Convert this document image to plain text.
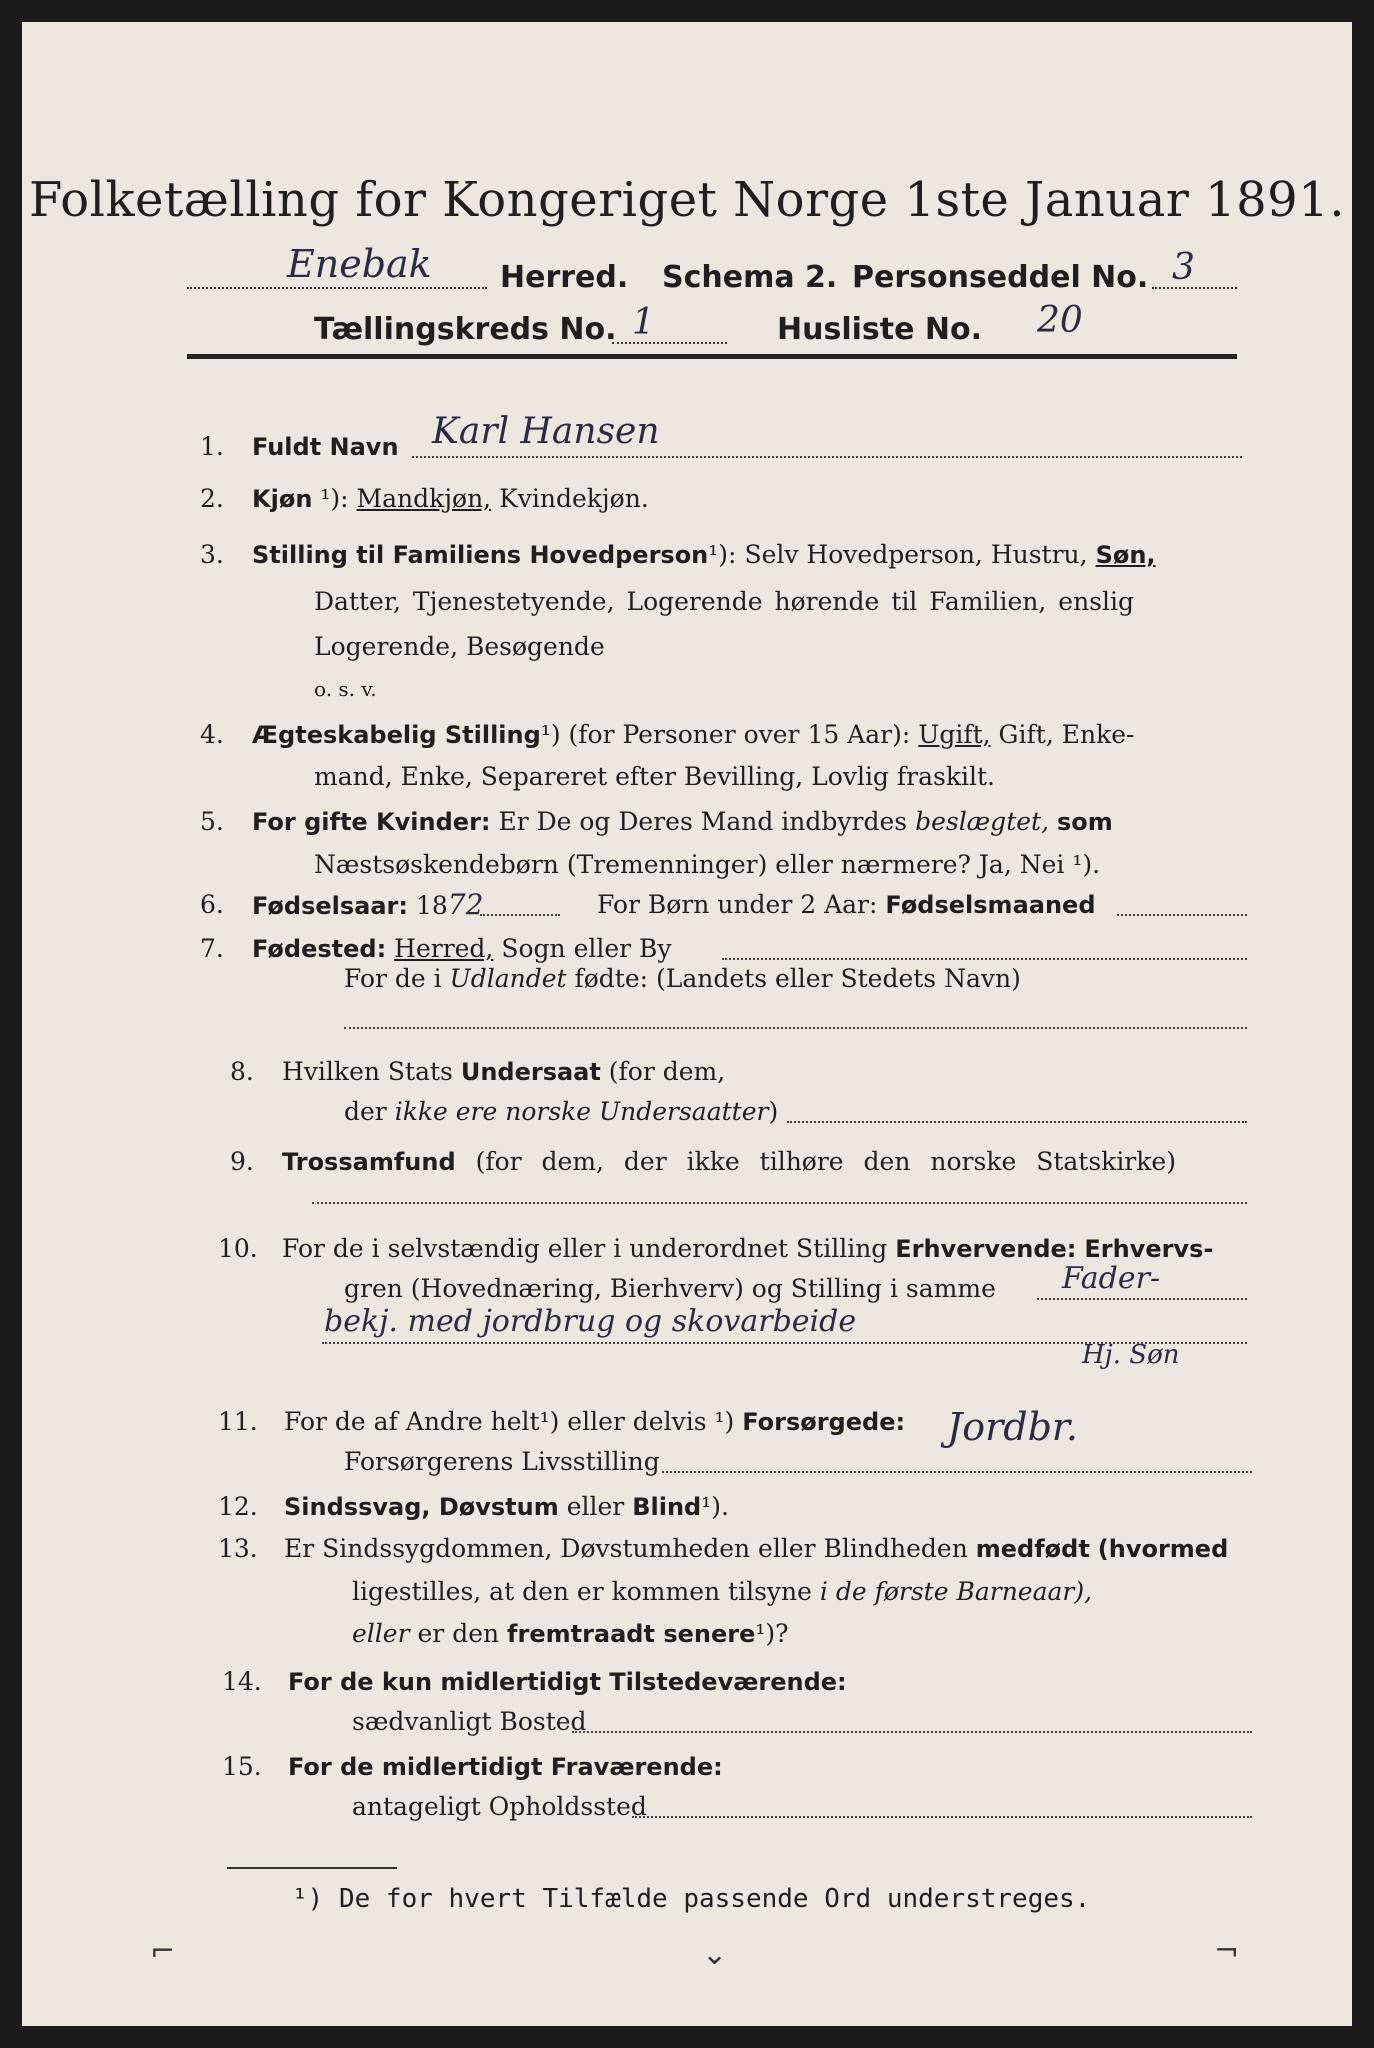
Folketælling for Kongeriget Norge 1ste Januar 1891.
Enebak Herred. Schema 2. Personseddel No. 3
Tællingskreds No. 1	Husliste No. 20
1. Fuldt Navn Karl Hansen
2. Kjøn ¹): Mandkjøn, Kvindekjøn.
3. Stilling til Familiens Hovedperson¹): Selv Hovedperson, Hustru, Søn,
Datter, Tjenestetyende, Logerende hørende til Familien, enslig
Logerende, Besøgende
o. s. v.
4. Ægteskabelig Stilling¹) (for Personer over 15 Aar): Ugift, Gift, Enke-
mand, Enke, Separeret efter Bevilling, Lovlig fraskilt.
5. For gifte Kvinder: Er De og Deres Mand indbyrdes beslægtet, som
Næstsøskendebørn (Tremenninger) eller nærmere? Ja, Nei ¹).
6. Fødselsaar: 1872	For Børn under 2 Aar: Fødselsmaaned
7. Fødested: Herred, Sogn eller By
For de i Udlandet fødte: (Landets eller Stedets Navn)
8. Hvilken Stats Undersaat (for dem,
der ikke ere norske Undersaatter)
9. Trossamfund (for dem, der ikke tilhøre den norske Statskirke)
10. For de i selvstændig eller i underordnet Stilling Erhvervende: Erhvervs-
gren (Hovednæring, Bierhverv) og Stilling i samme Fader-
bekj. med jordbrug og skovarbeide
Hj. Søn
11. For de af Andre helt¹) eller delvis ¹) Forsørgede:
Forsørgerens Livsstilling
Jordbr.
12. Sindssvag, Døvstum eller Blind¹).
13. Er Sindssygdommen, Døvstumheden eller Blindheden medfødt (hvormed
ligestilles, at den er kommen tilsyne i de første Barneaar),
eller er den fremtraadt senere¹)?
14. For de kun midlertidigt Tilstedeværende:
sædvanligt Bosted
15. For de midlertidigt Fraværende:
antageligt Opholdssted
¹) De for hvert Tilfælde passende Ord understreges.
⌐	⌄	¬
